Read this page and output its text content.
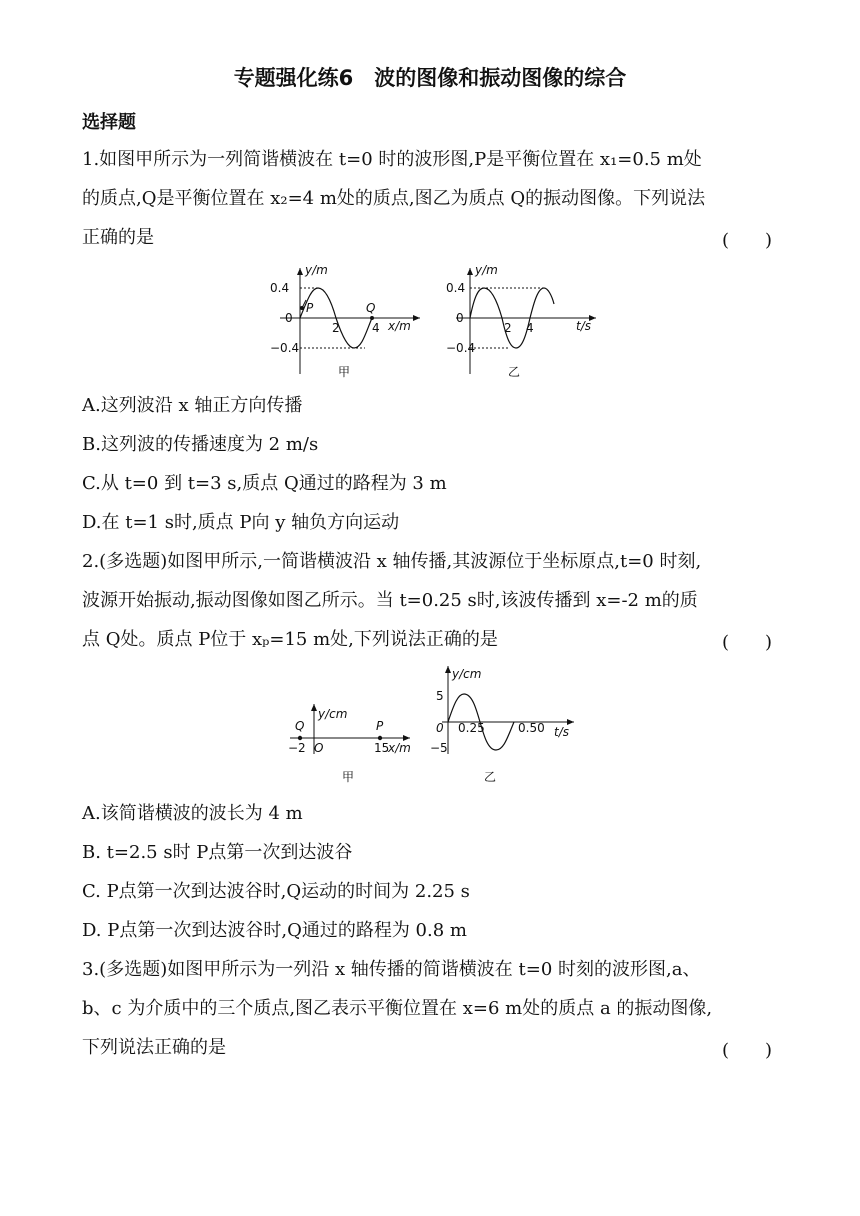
专题强化练6　波的图像和振动图像的综合
选择题
1.如图甲所示为一列简谐横波在 t=0 时的波形图,P是平衡位置在 x₁=0.5 m处
的质点,Q是平衡位置在 x₂=4 m处的质点,图乙为质点 Q的振动图像。下列说法
正确的是	(　　)
y/m
0.4
0
−0.4
P
2
Q
4 x/m
甲
y/m
0.4
0
−0.4
2 4	t/s
乙
A.这列波沿 x 轴正方向传播
B.这列波的传播速度为 2 m/s
C.从 t=0 到 t=3 s,质点 Q通过的路程为 3 m
D.在 t=1 s时,质点 P向 y 轴负方向运动
2.(多选题)如图甲所示,一简谐横波沿 x 轴传播,其波源位于坐标原点,t=0 时刻,
波源开始振动,振动图像如图乙所示。当 t=0.25 s时,该波传播到 x=-2 m的质
点 Q处。质点 P位于 xₚ=15 m处,下列说法正确的是	(　　)
y/cm
Q	P
−2 O	15
x/m
甲
y/cm
5
0
−5
0.25	0.50 t/s
乙
A.该简谐横波的波长为 4 m
B. t=2.5 s时 P点第一次到达波谷
C. P点第一次到达波谷时,Q运动的时间为 2.25 s
D. P点第一次到达波谷时,Q通过的路程为 0.8 m
3.(多选题)如图甲所示为一列沿 x 轴传播的简谐横波在 t=0 时刻的波形图,a、
b、c 为介质中的三个质点,图乙表示平衡位置在 x=6 m处的质点 a 的振动图像,
下列说法正确的是	(　　)
